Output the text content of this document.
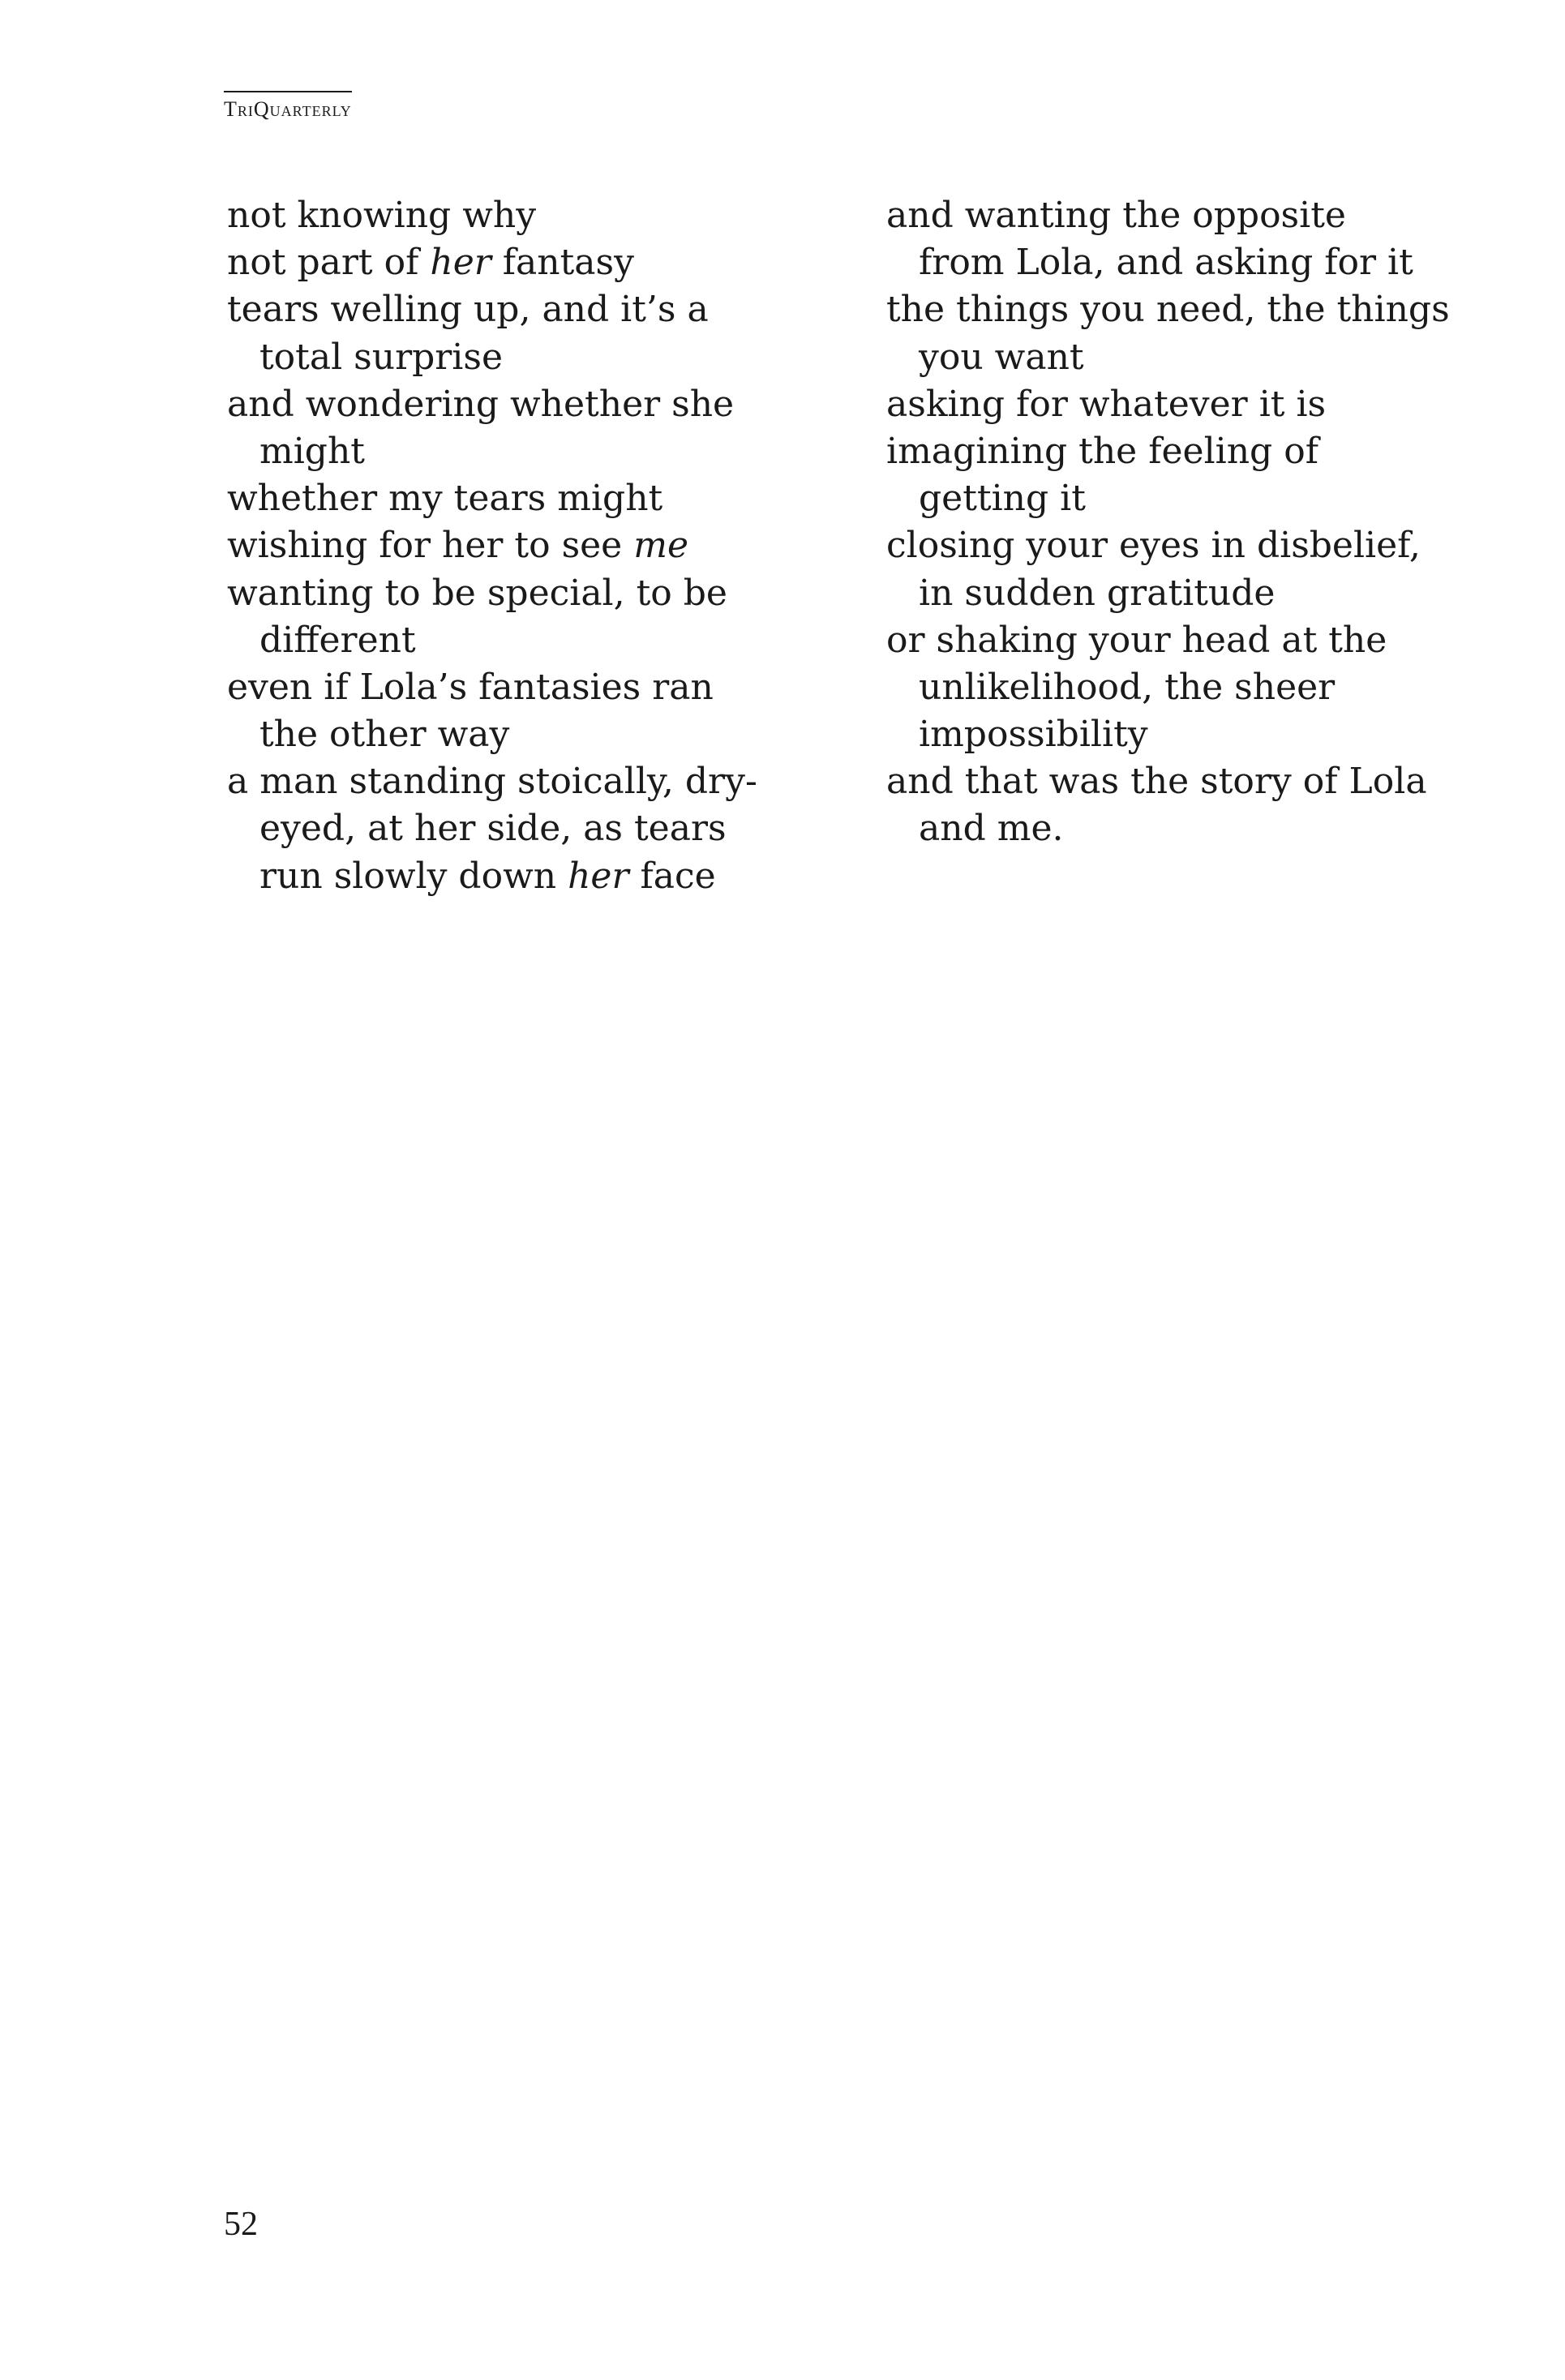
TriQuarterly
not knowing why
not part of her fantasy
tears welling up, and it’s a
total surprise
and wondering whether she
might
whether my tears might
wishing for her to see me
wanting to be special, to be
different
even if Lola’s fantasies ran
the other way
a man standing stoically, dry-
eyed, at her side, as tears
run slowly down her face
and wanting the opposite
from Lola, and asking for it
the things you need, the things
you want
asking for whatever it is
imagining the feeling of
getting it
closing your eyes in disbelief,
in sudden gratitude
or shaking your head at the
unlikelihood, the sheer
impossibility
and that was the story of Lola
and me.
52
